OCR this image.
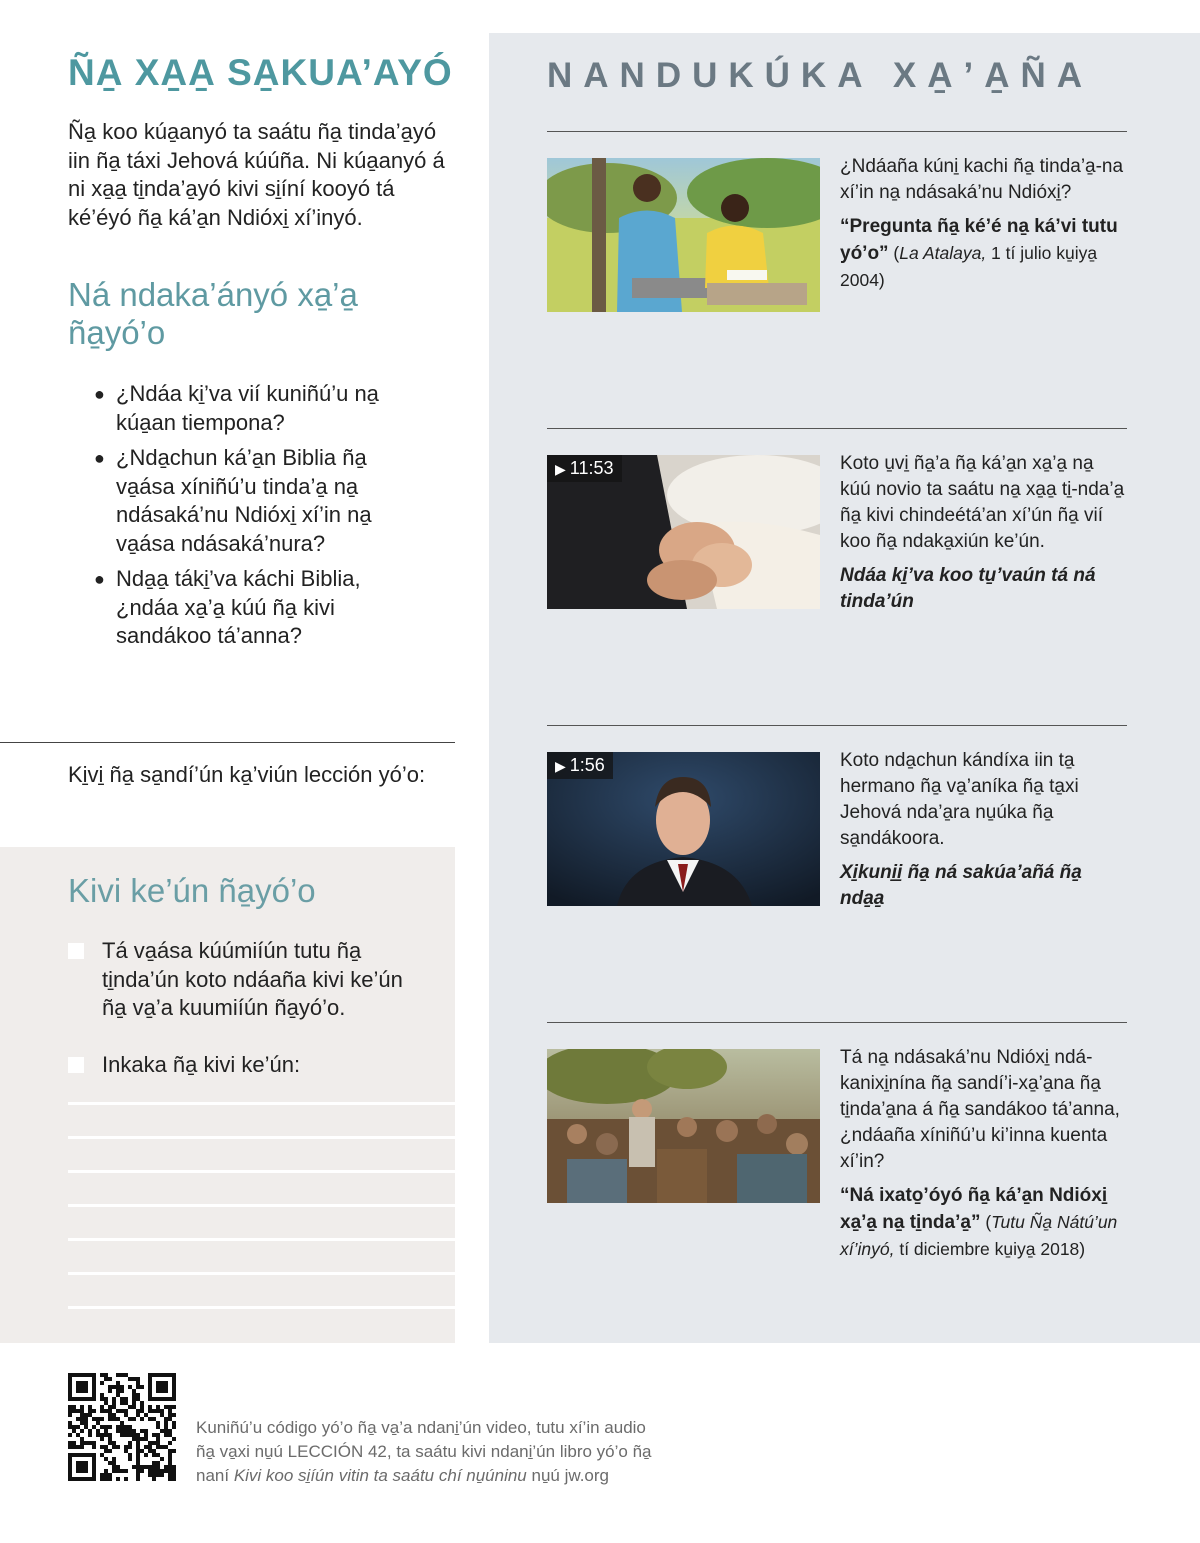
ÑA̱ XA̱A̱ SA̱KUA’AYÓ

Ña̱ koo kúa̱anyó ta saátu ña̱ tinda’a̱yó iin ña̱ táxi Jehová kúúña. Ni kúa̱anyó á ni xa̱a̱ ti̱nda’a̱yó kivi si̱íní kooyó tá ké’éyó ña̱ ká’a̱n Ndióxi̱ xí’inyó.

Ná ndaka’ányó xa̱’a̱ ña̱yó’o
● ¿Ndáa ki̱’va vií kuniñú’u na̱ kúa̱an tiempona?
● ¿Nda̱chun ká’a̱n Biblia ña̱ va̱ása xíniñú’u tinda’a̱ na̱ ndásaká’nu Ndióxi̱ xí’in na̱ va̱ása ndásaká’nura?
● Nda̱a̱ táki̱’va káchi Biblia, ¿ndáa xa̱’a̱ kúú ña̱ kivi sandákoo tá’anna?

Ki̱vi̱ ña̱ sa̱ndí’ún ka̱’viún lección yó’o:

Kivi ke’ún ña̱yó’o
Tá va̱ása kúúmiíún tutu ña̱ ti̱nda’ún koto ndáaña kivi ke’ún ña̱ va̱’a kuumiíún ña̱yó’o.
Inkaka ña̱ kivi ke’ún:
NANDUKÚKA XA̱’A̱ÑA

¿Ndáaña kúni̱ kachi ña̱ tinda’a̱-na xí’in na̱ ndásaká’nu Ndióxi̱?

“Pregunta ña̱ ké’é na̱ ká’vi tutu yó’o” (La Atalaya, 1 tí julio ku̱iya̱ 2004)

▶ 11:53	Koto u̱vi̱ ña̱’a ña̱ ká’a̱n xa̱’a̱ na̱ kúú novio ta saátu na̱ xa̱a̱ ti̱-nda’a̱ ña̱ kivi chindeétá’an xí’ún ña̱ vií koo ña̱ ndaka̱xiún ke’ún.

Ndáa ki̱’va koo tu̱’vaún tá ná tinda’ún

▶ 1:56	Koto nda̱chun kándíxa iin ta̱ hermano ña̱ va̱’aníka ña̱ ta̱xi Jehová nda’a̱ra nu̱úka ña̱ sa̱ndákoora.

Xi̱kuni̱i̱ ña̱ ná sakúa’añá ña̱ nda̱a̱

Tá na̱ ndásaká’nu Ndióxi̱ ndá-kanixi̱nína ña̱ sandí’i-xa̱’a̱na ña̱ ti̱nda’a̱na á ña̱ sandákoo tá’anna, ¿ndáaña xíniñú’u ki’inna kuenta xí’in?

“Ná ixato̱’óyó ña̱ ká’a̱n Ndióxi̱ xa̱’a̱ na̱ ti̱nda’a̱” (Tutu Ña̱ Nátú’un xí’inyó, tí diciembre ku̱iya̱ 2018)

Kuniñú’u código yó’o ña̱ va̱’a ndani̱’ún video, tutu xí’in audio
ña̱ va̱xi nu̱ú LECCIÓN 42, ta saátu kivi ndani̱’ún libro yó’o ña̱
naní Kivi koo si̱íún vitin ta saátu chí nu̱úninu nu̱ú jw.org
